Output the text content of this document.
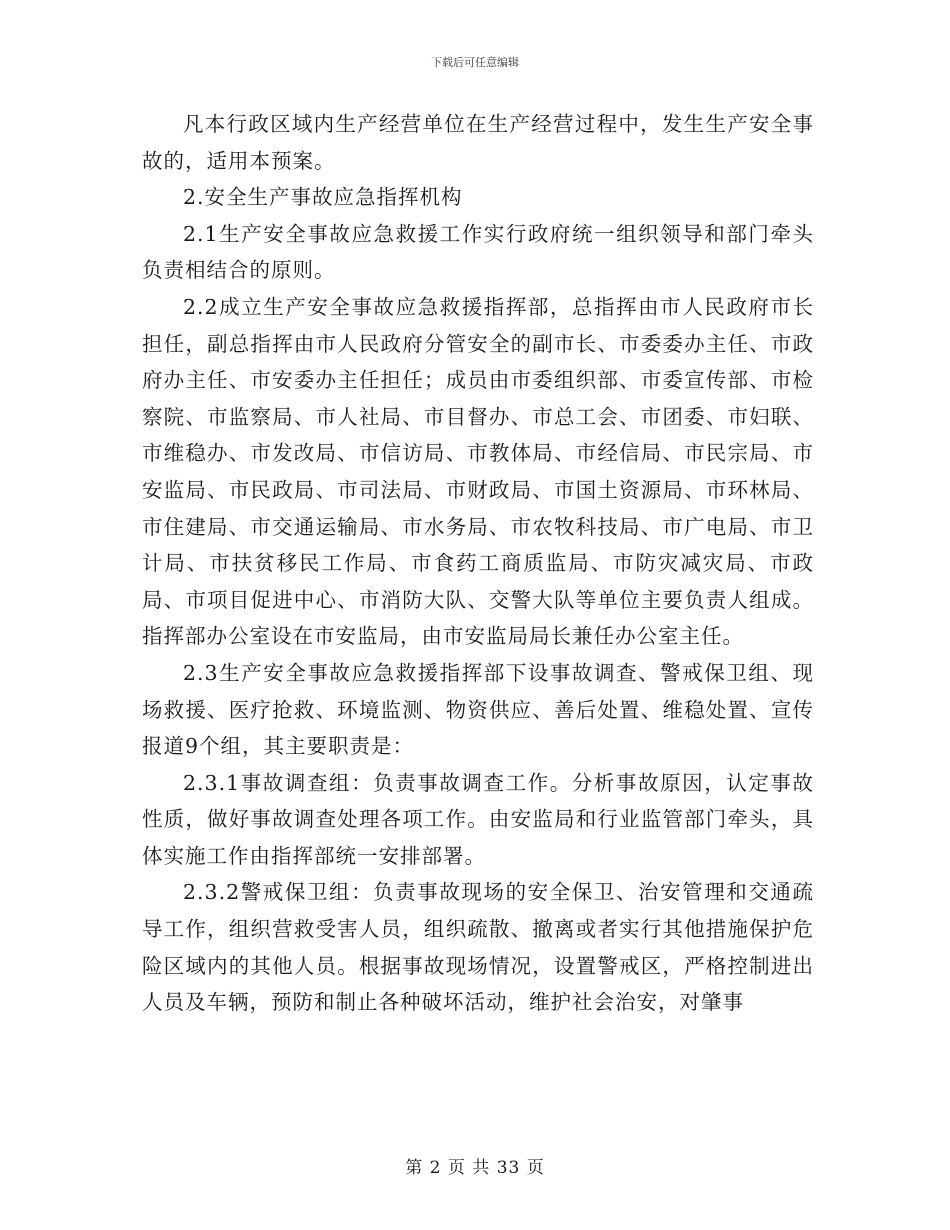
下载后可任意编辑

凡本行政区域内生产经营单位在生产经营过程中，发生生产安全事故的，适用本预案。

2.安全生产事故应急指挥机构

2.1生产安全事故应急救援工作实行政府统一组织领导和部门牵头负责相结合的原则。

2.2成立生产安全事故应急救援指挥部，总指挥由市人民政府市长担任，副总指挥由市人民政府分管安全的副市长、市委委办主任、市政府办主任、市安委办主任担任；成员由市委组织部、市委宣传部、市检察院、市监察局、市人社局、市目督办、市总工会、市团委、市妇联、市维稳办、市发改局、市信访局、市教体局、市经信局、市民宗局、市安监局、市民政局、市司法局、市财政局、市国土资源局、市环林局、市住建局、市交通运输局、市水务局、市农牧科技局、市广电局、市卫计局、市扶贫移民工作局、市食药工商质监局、市防灾减灾局、市政局、市项目促进中心、市消防大队、交警大队等单位主要负责人组成。指挥部办公室设在市安监局，由市安监局局长兼任办公室主任。

2.3生产安全事故应急救援指挥部下设事故调查、警戒保卫组、现场救援、医疗抢救、环境监测、物资供应、善后处置、维稳处置、宣传报道9个组，其主要职责是：

2.3.1事故调查组：负责事故调查工作。分析事故原因，认定事故性质，做好事故调查处理各项工作。由安监局和行业监管部门牵头，具体实施工作由指挥部统一安排部署。

2.3.2警戒保卫组：负责事故现场的安全保卫、治安管理和交通疏导工作，组织营救受害人员，组织疏散、撤离或者实行其他措施保护危险区域内的其他人员。根据事故现场情况，设置警戒区，严格控制进出人员及车辆，预防和制止各种破坏活动，维护社会治安，对肇事

第 2 页 共 33 页
